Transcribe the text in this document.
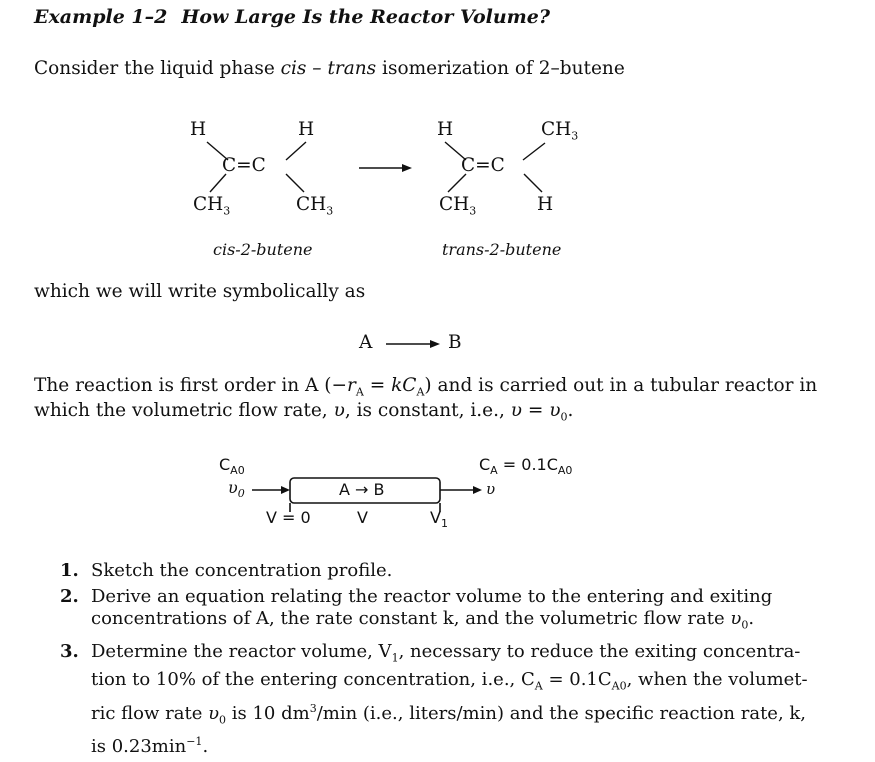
Example 1–2 How Large Is the Reactor Volume?
Consider the liquid phase cis – trans isomerization of 2–butene
H	H
C=C
$CH_3$	$CH_3$
cis-2-butene
H	$CH_3$
C=C
$CH_3$	H
trans-2-butene
which we will write symbolically as
A	B
The reaction is first order in A $(-r_A = kC_A)$ and is carried out in a tubular reactor in
which the volumetric flow rate, υ, is constant, i.e., $\upsilon = \upsilon_0$.
$C_{A0}$
$\upsilon_0$
$C_A = 0.1C_{A0}$
υ
A → B
V = 0	V	$V_1$
1. Sketch the concentration profile.
2. Derive an equation relating the reactor volume to the entering and exiting
concentrations of A, the rate constant k, and the volumetric flow rate $\upsilon_0$.
3. Determine the reactor volume, $V_1$, necessary to reduce the exiting concentra-
tion to 10% of the entering concentration, i.e., $C_A = 0.1C_{A0}$, when the volumet-
ric flow rate $\upsilon_0$ is 10 $dm^3/\min$ (i.e., liters/min) and the specific reaction rate, k,
is $0.23\min^{-1}$.
